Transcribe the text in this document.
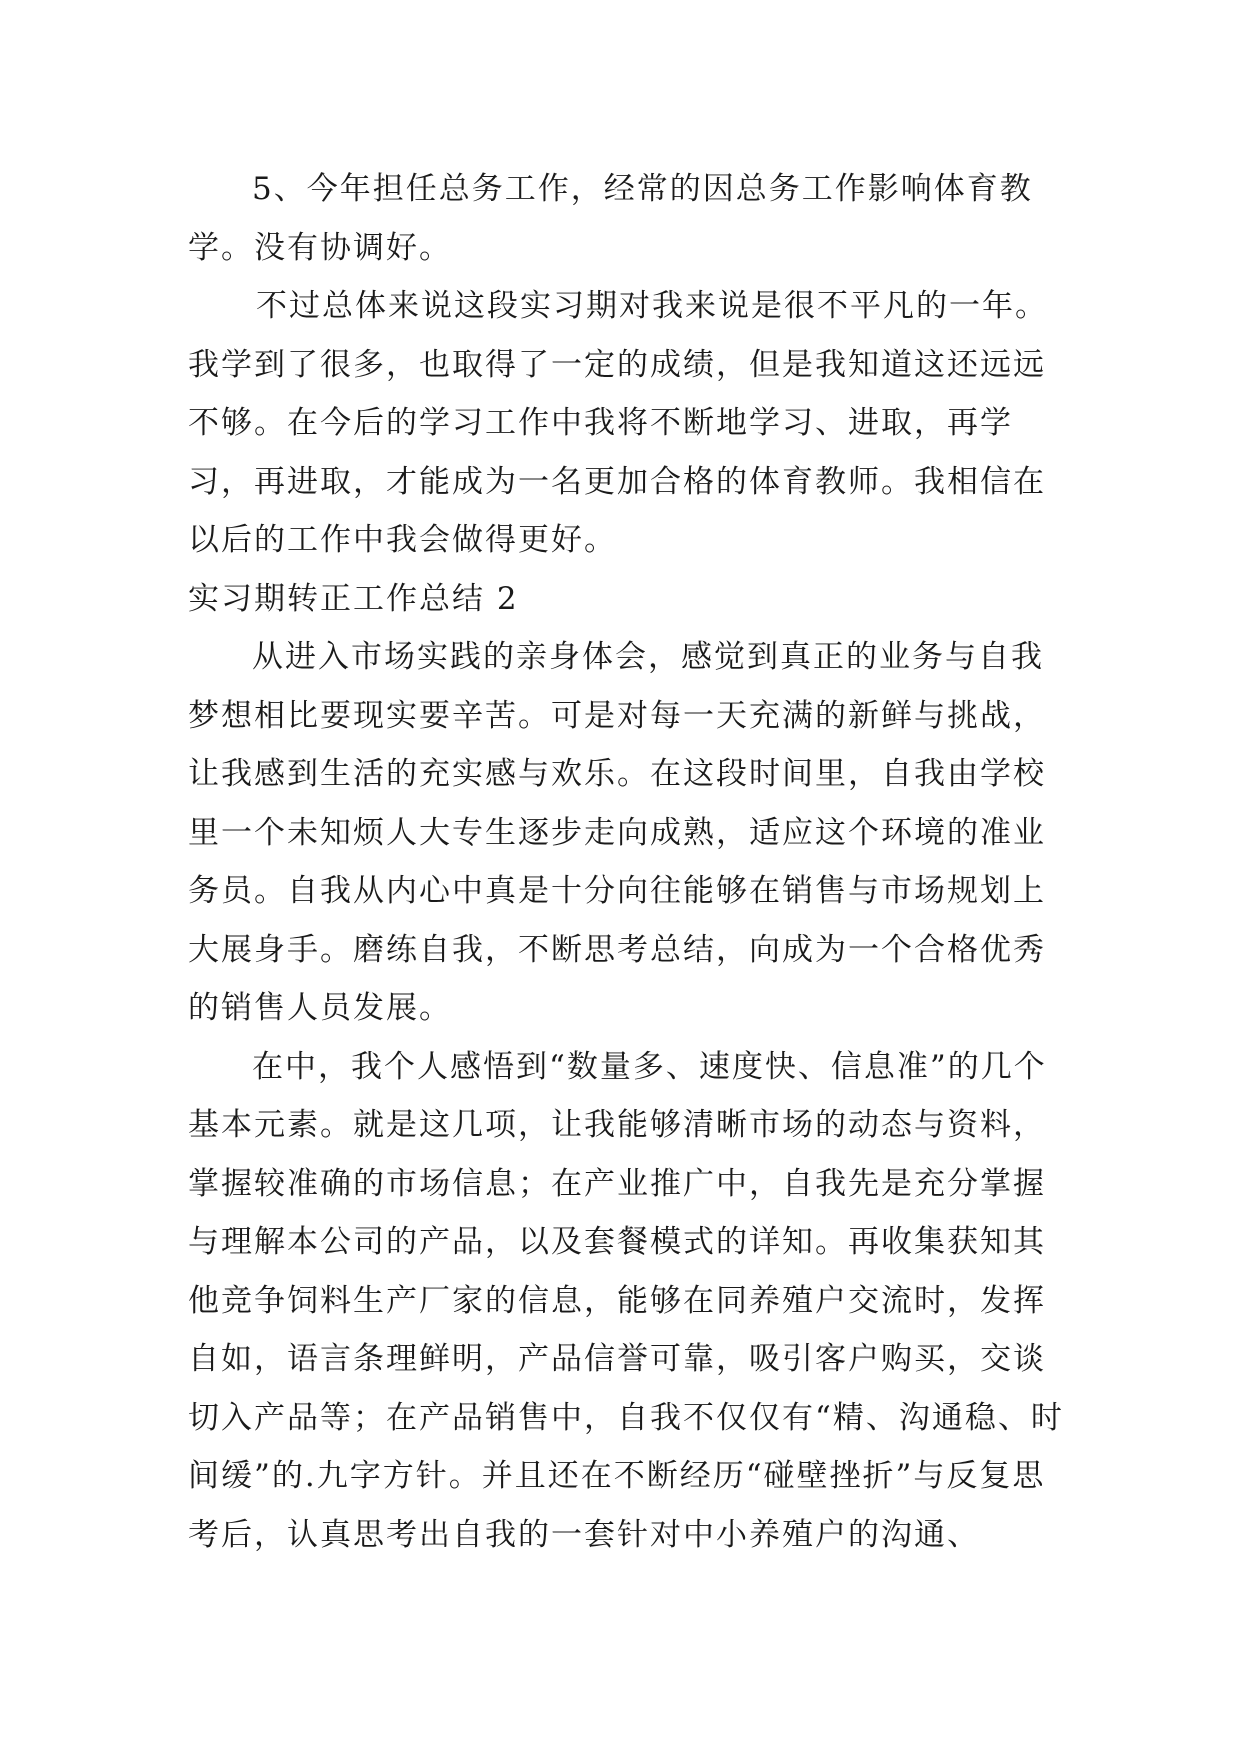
5、今年担任总务工作，经常的因总务工作影响体育教学。没有协调好。

不过总体来说这段实习期对我来说是很不平凡的一年。我学到了很多，也取得了一定的成绩，但是我知道这还远远不够。在今后的学习工作中我将不断地学习、进取，再学习，再进取，才能成为一名更加合格的体育教师。我相信在以后的工作中我会做得更好。

实习期转正工作总结 2

从进入市场实践的亲身体会，感觉到真正的业务与自我梦想相比要现实要辛苦。可是对每一天充满的新鲜与挑战，让我感到生活的充实感与欢乐。在这段时间里，自我由学校里一个未知烦人大专生逐步走向成熟，适应这个环境的准业务员。自我从内心中真是十分向往能够在销售与市场规划上大展身手。磨练自我，不断思考总结，向成为一个合格优秀的销售人员发展。

在中，我个人感悟到“数量多、速度快、信息准”的几个基本元素。就是这几项，让我能够清晰市场的动态与资料，掌握较准确的市场信息；在产业推广中，自我先是充分掌握与理解本公司的产品，以及套餐模式的详知。再收集获知其他竞争饲料生产厂家的信息，能够在同养殖户交流时，发挥自如，语言条理鲜明，产品信誉可靠，吸引客户购买，交谈切入产品等；在产品销售中，自我不仅仅有“精、沟通稳、时间缓”的.九字方针。并且还在不断经历“碰壁挫折”与反复思考后，认真思考出自我的一套针对中小养殖户的沟通、
